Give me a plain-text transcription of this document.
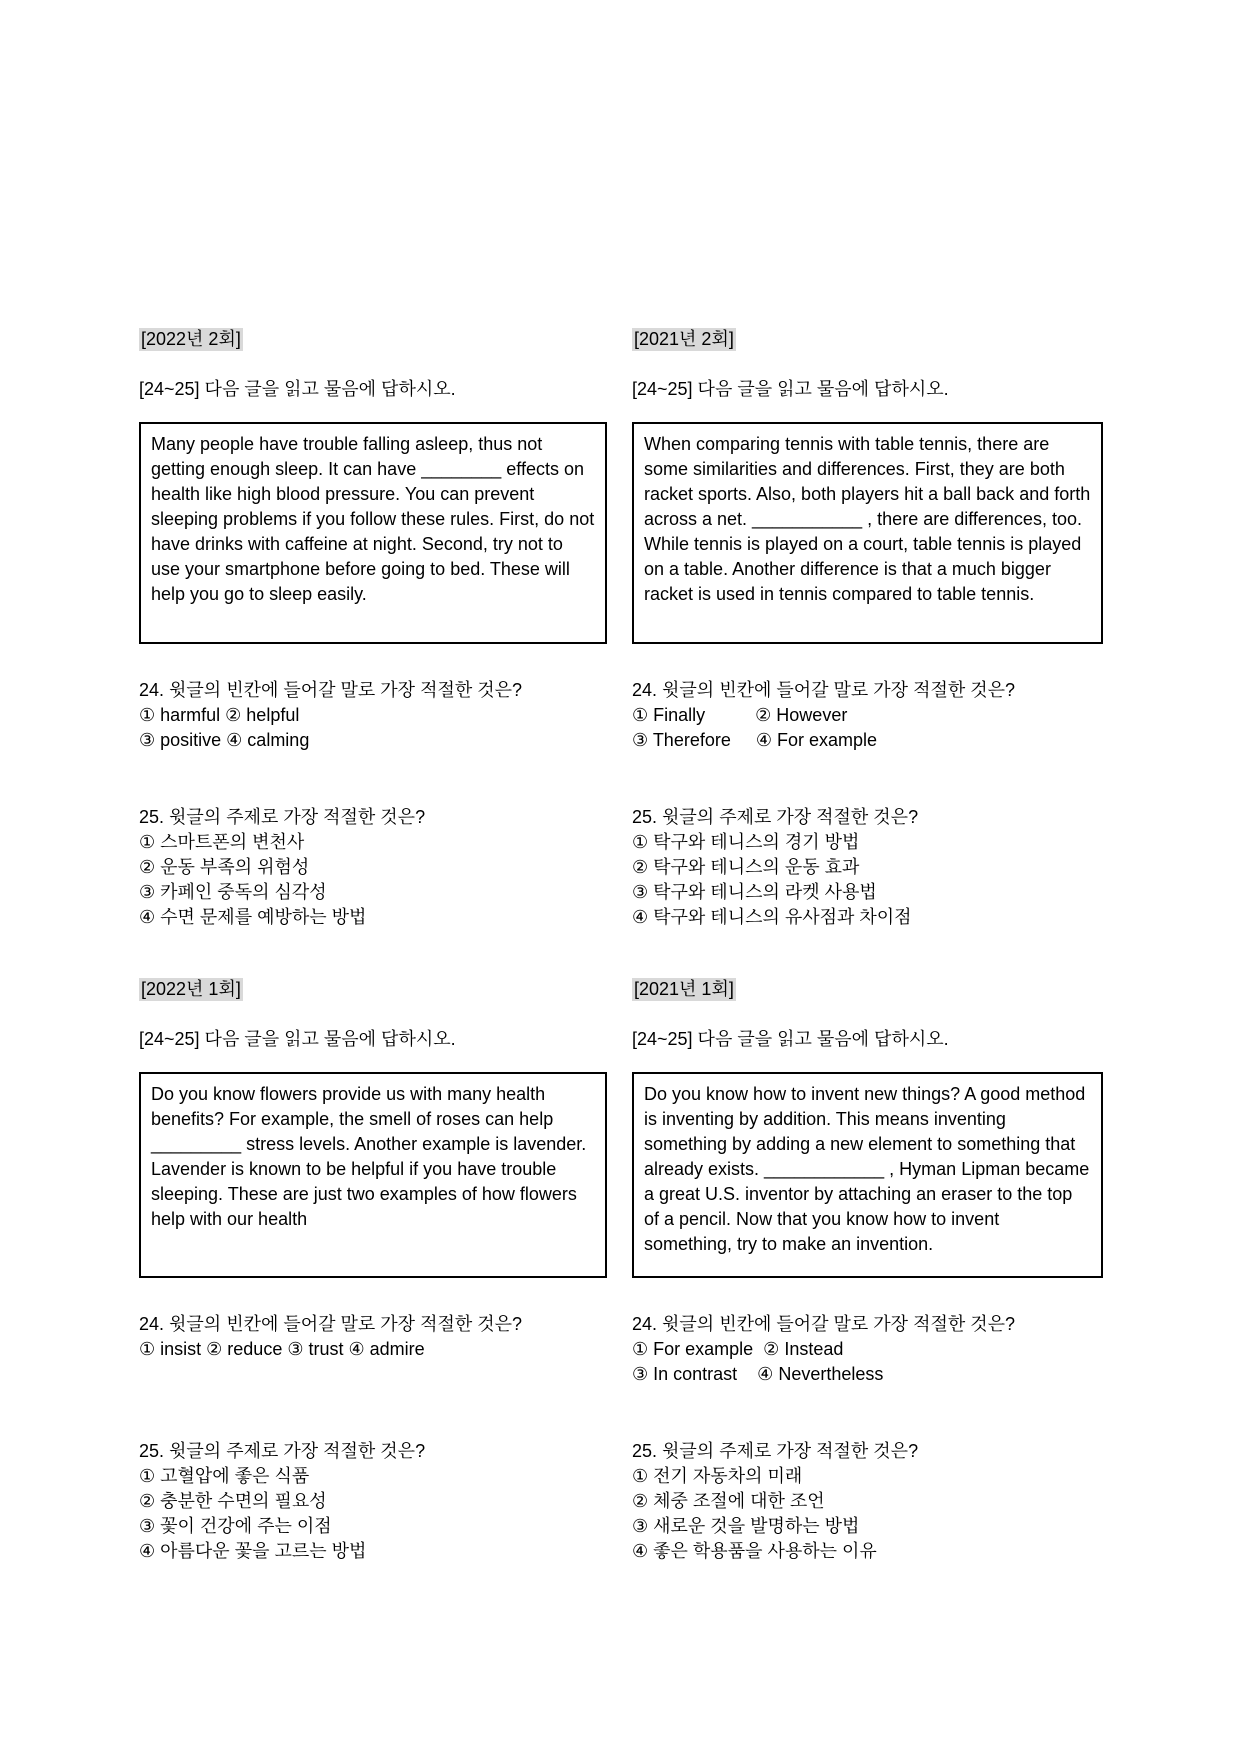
[2022년 2회]
[24~25] 다음 글을 읽고 물음에 답하시오.
Many people have trouble falling asleep, thus not getting enough sleep. It can have ________ effects on health like high blood pressure. You can prevent sleeping problems if you follow these rules. First, do not have drinks with caffeine at night. Second, try not to use your smartphone before going to bed. These will help you go to sleep easily.
24. 윗글의 빈칸에 들어갈 말로 가장 적절한 것은?
① harmful ② helpful
③ positive ④ calming
25. 윗글의 주제로 가장 적절한 것은?
① 스마트폰의 변천사
② 운동 부족의 위험성
③ 카페인 중독의 심각성
④ 수면 문제를 예방하는 방법
[2021년 2회]
[24~25] 다음 글을 읽고 물음에 답하시오.
When comparing tennis with table tennis, there are some similarities and differences. First, they are both racket sports. Also, both players hit a ball back and forth across a net. ___________ , there are differences, too. While tennis is played on a court, table tennis is played on a table. Another difference is that a much bigger racket is used in tennis compared to table tennis.
24. 윗글의 빈칸에 들어갈 말로 가장 적절한 것은?
① Finally          ② However
③ Therefore     ④ For example
25. 윗글의 주제로 가장 적절한 것은?
① 탁구와 테니스의 경기 방법
② 탁구와 테니스의 운동 효과
③ 탁구와 테니스의 라켓 사용법
④ 탁구와 테니스의 유사점과 차이점
[2022년 1회]
[24~25] 다음 글을 읽고 물음에 답하시오.
Do you know flowers provide us with many health benefits? For example, the smell of roses can help _________ stress levels. Another example is lavender. Lavender is known to be helpful if you have trouble sleeping. These are just two examples of how flowers help with our health
24. 윗글의 빈칸에 들어갈 말로 가장 적절한 것은?
① insist ② reduce ③ trust ④ admire
25. 윗글의 주제로 가장 적절한 것은?
① 고혈압에 좋은 식품
② 충분한 수면의 필요성
③ 꽃이 건강에 주는 이점
④ 아름다운 꽃을 고르는 방법
[2021년 1회]
[24~25] 다음 글을 읽고 물음에 답하시오.
Do you know how to invent new things? A good method is inventing by addition. This means inventing something by adding a new element to something that already exists. ____________ , Hyman Lipman became a great U.S. inventor by attaching an eraser to the top of a pencil. Now that you know how to invent something, try to make an invention.
24. 윗글의 빈칸에 들어갈 말로 가장 적절한 것은?
① For example  ② Instead
③ In contrast    ④ Nevertheless
25. 윗글의 주제로 가장 적절한 것은?
① 전기 자동차의 미래
② 체중 조절에 대한 조언
③ 새로운 것을 발명하는 방법
④ 좋은 학용품을 사용하는 이유
